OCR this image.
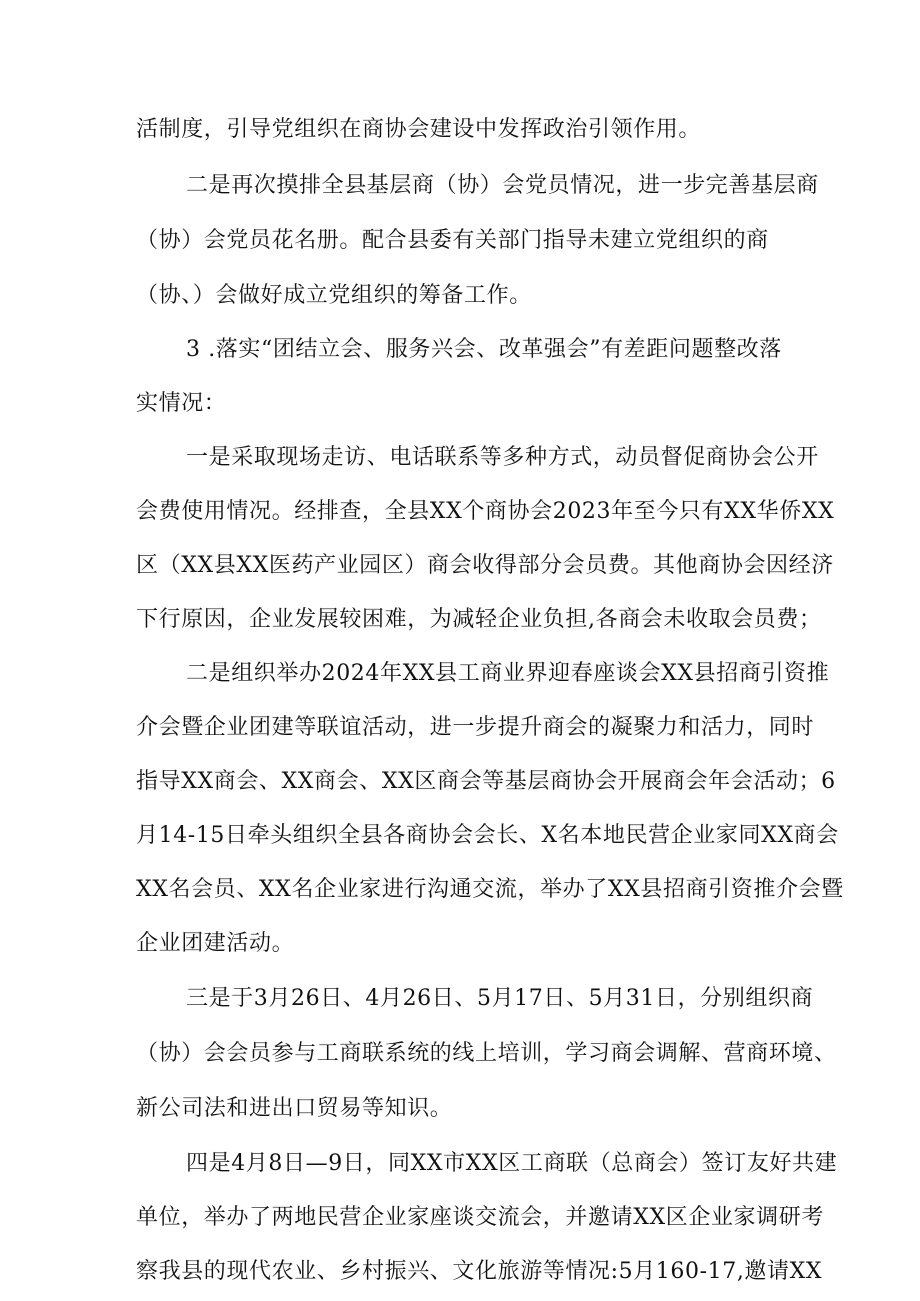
活制度，引导党组织在商协会建设中发挥政治引领作用。
二是再次摸排全县基层商（协）会党员情况，进一步完善基层商
（协）会党员花名册。配合县委有关部门指导未建立党组织的商
（协、）会做好成立党组织的筹备工作。
3 .落实“团结立会、服务兴会、改革强会”有差距问题整改落
实情况：
一是采取现场走访、电话联系等多种方式，动员督促商协会公开
会费使用情况。经排查，全县XX个商协会2023年至今只有XX华侨XX
区（XX县XX医药产业园区）商会收得部分会员费。其他商协会因经济
下行原因，企业发展较困难，为减轻企业负担,各商会未收取会员费；
二是组织举办2024年XX县工商业界迎春座谈会XX县招商引资推
介会暨企业团建等联谊活动，进一步提升商会的凝聚力和活力，同时
指导XX商会、XX商会、XX区商会等基层商协会开展商会年会活动；6
月14-15日牵头组织全县各商协会会长、X名本地民营企业家同XX商会
XX名会员、XX名企业家进行沟通交流，举办了XX县招商引资推介会暨
企业团建活动。
三是于3月26日、4月26日、5月17日、5月31日，分别组织商
（协）会会员参与工商联系统的线上培训，学习商会调解、营商环境、
新公司法和进出口贸易等知识。
四是4月8日—9日，同XX市XX区工商联（总商会）签订友好共建
单位，举办了两地民营企业家座谈交流会，并邀请XX区企业家调研考
察我县的现代农业、乡村振兴、文化旅游等情况:5月160-17,邀请XX
